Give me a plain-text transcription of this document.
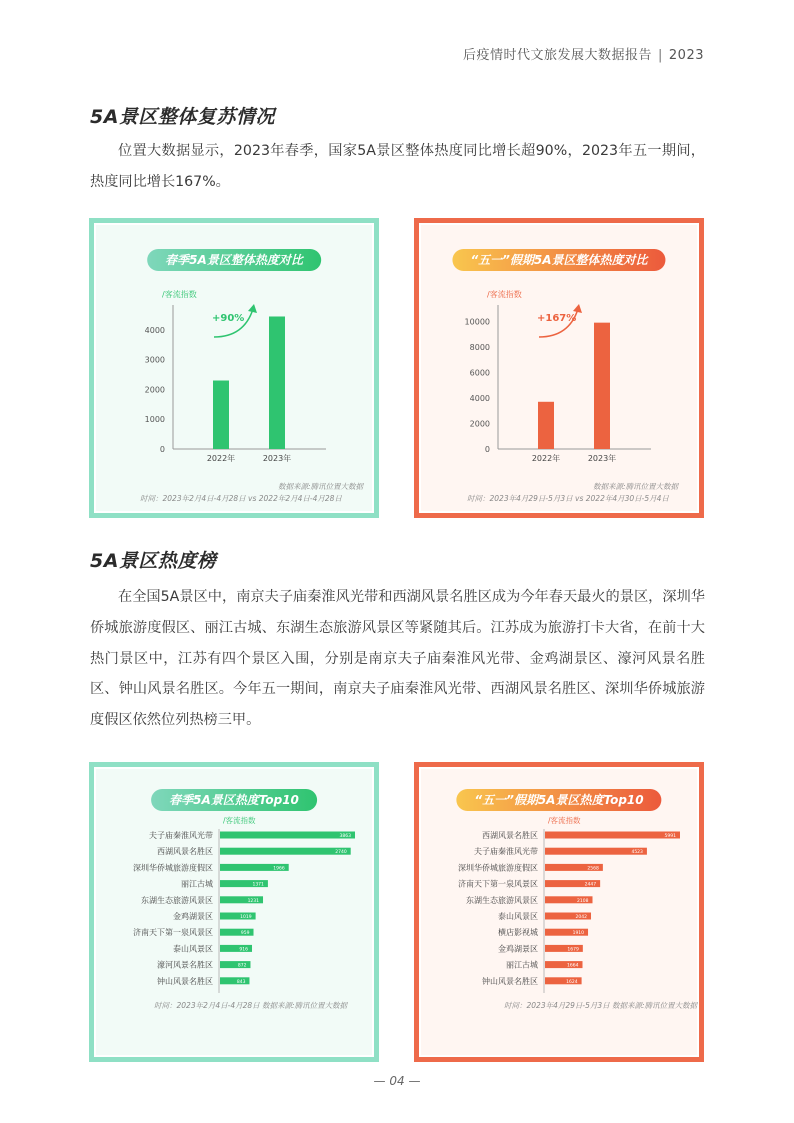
后疫情时代文旅发展大数据报告 | 2023
5A景区整体复苏情况

位置大数据显示，2023年春季，国家5A景区整体热度同比增长超90%，2023年五一期间，热度同比增长167%。

春季5A景区整体热度对比
/客流指数
0
1000
2000
3000
4000
2022年	2023年
+90%
数据来源:腾讯位置大数据
时间：2023年2月4日-4月28日 vs 2022年2月4日-4月28日
“五一”假期5A景区整体热度对比
/客流指数
0
2000
4000
6000
8000
10000
2022年	2023年
+167%
数据来源:腾讯位置大数据
时间：2023年4月29日-5月3日 vs 2022年4月30日-5月4日
5A景区热度榜

在全国5A景区中，南京夫子庙秦淮风光带和西湖风景名胜区成为今年春天最火的景区，深圳华侨城旅游度假区、丽江古城、东湖生态旅游风景区等紧随其后。江苏成为旅游打卡大省，在前十大热门景区中，江苏有四个景区入围，分别是南京夫子庙秦淮风光带、金鸡湖景区、濠河风景名胜区、钟山风景名胜区。今年五一期间，南京夫子庙秦淮风光带、西湖风景名胜区、深圳华侨城旅游度假区依然位列热榜三甲。

春季5A景区热度Top10
/客流指数
夫子庙秦淮风光带	3863
西湖风景名胜区	2740
深圳华侨城旅游度假区	1966
丽江古城	1371
东湖生态旅游风景区	1231
金鸡湖景区	1019
济南天下第一泉风景区	959
泰山风景区	916
濠河风景名胜区	872
钟山风景名胜区	843
时间：2023年2月4日-4月28日 数据来源:腾讯位置大数据
“五一”假期5A景区热度Top10
/客流指数
西湖风景名胜区	5991
夫子庙秦淮风光带	4523
深圳华侨城旅游度假区	2568
济南天下第一泉风景区	2447
东湖生态旅游风景区	2108
泰山风景区	2042
横店影视城	1910
金鸡湖景区	1679
丽江古城	1664
钟山风景名胜区	1624
时间：2023年4月29日-5月3日 数据来源:腾讯位置大数据
— 04 —
